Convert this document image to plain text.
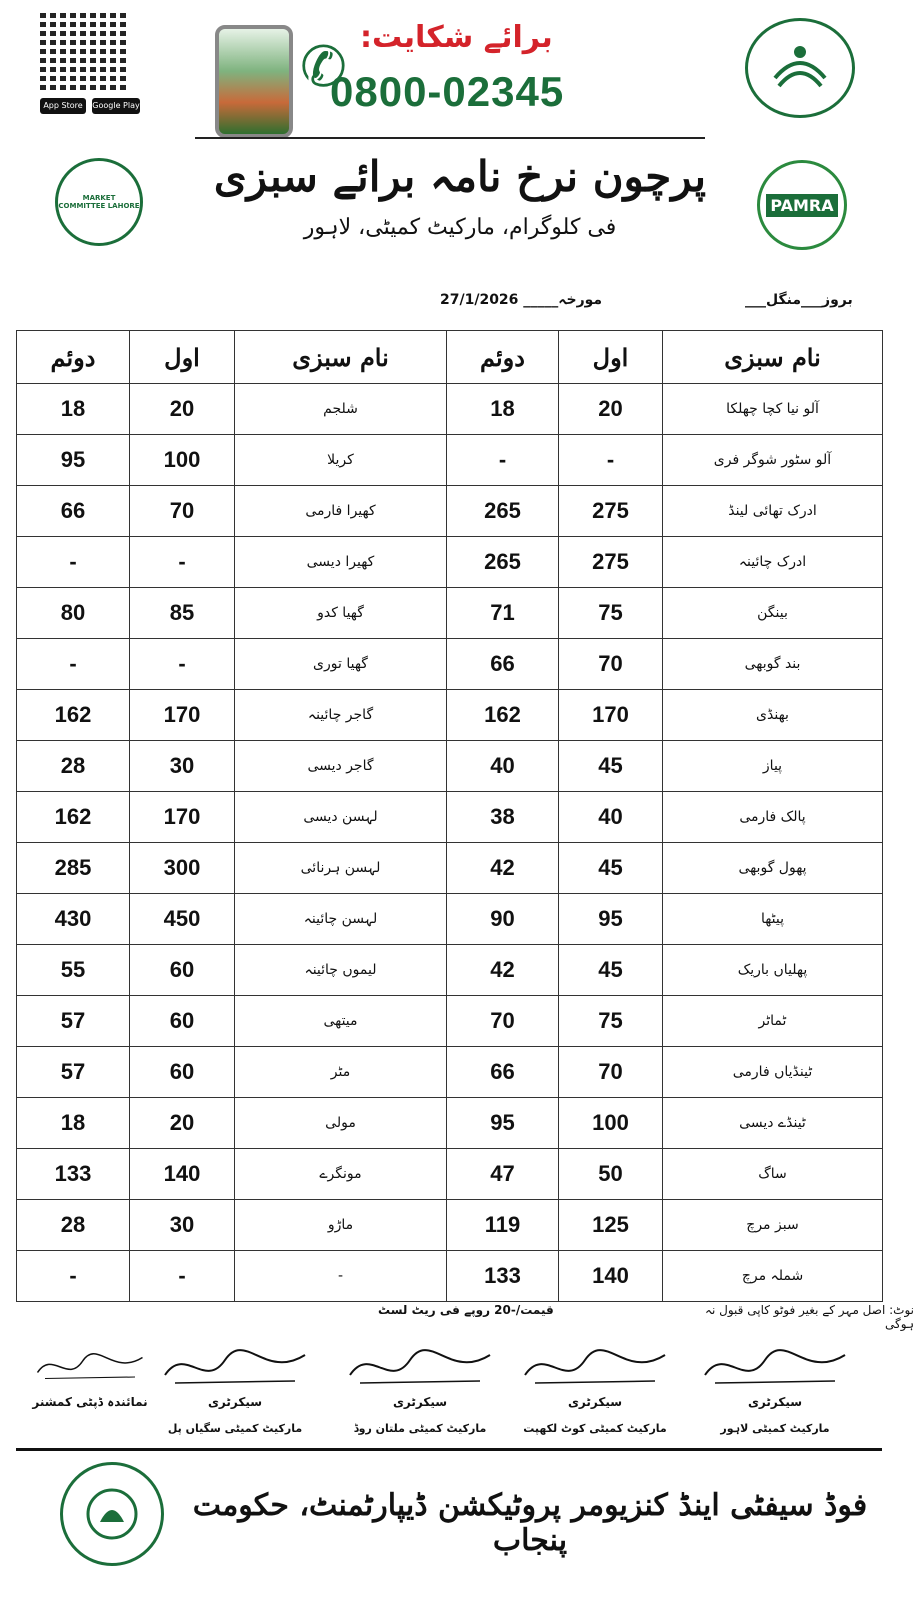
App Store	Google Play
✆ برائے شکایت:
0800-02345
MARKET COMMITTEE LAHORE	PAMRA
پرچون نرخ نامہ برائے سبزی
فی کلوگرام، مارکیٹ کمیٹی، لاہور
بروز___منگل___
مورخہ_____ 27/1/2026
دوئم	اول	نام سبزی	دوئم	اول	نام سبزی
18	20	شلجم	18	20	آلو نیا کچا چھلکا
95	100	کریلا	-	-	آلو سٹور شوگر فری
66	70	کھیرا فارمی	265	275	ادرک تھائی لینڈ
-	-	کھیرا دیسی	265	275	ادرک چائینہ
80	85	گھیا کدو	71	75	بینگن
-	-	گھیا توری	66	70	بند گوبھی
162	170	گاجر چائینہ	162	170	بھنڈی
28	30	گاجر دیسی	40	45	پیاز
162	170	لہسن دیسی	38	40	پالک فارمی
285	300	لہسن ہرنائی	42	45	پھول گوبھی
430	450	لہسن چائینہ	90	95	پیٹھا
55	60	لیموں چائینہ	42	45	پھلیاں باریک
57	60	میتھی	70	75	ٹماٹر
57	60	مٹر	66	70	ٹینڈیاں فارمی
18	20	مولی	95	100	ٹینڈے دیسی
133	140	مونگرے	47	50	ساگ
28	30	ماڑو	119	125	سبز مرچ
-	-	-	133	140	شملہ مرچ
نوٹ: اصل مہر کے بغیر فوٹو کاپی قبول نہ ہوگی
قیمت/-20 روپے فی ریٹ لسٹ
سیکرٹری
مارکیٹ کمیٹی لاہور
سیکرٹری
مارکیٹ کمیٹی کوٹ لکھپت
سیکرٹری
مارکیٹ کمیٹی ملتان روڈ
سیکرٹری
مارکیٹ کمیٹی سگیاں پل
نمائندہ ڈپٹی کمشنر
فوڈ سیفٹی اینڈ کنزیومر پروٹیکشن ڈیپارٹمنٹ، حکومت پنجاب
